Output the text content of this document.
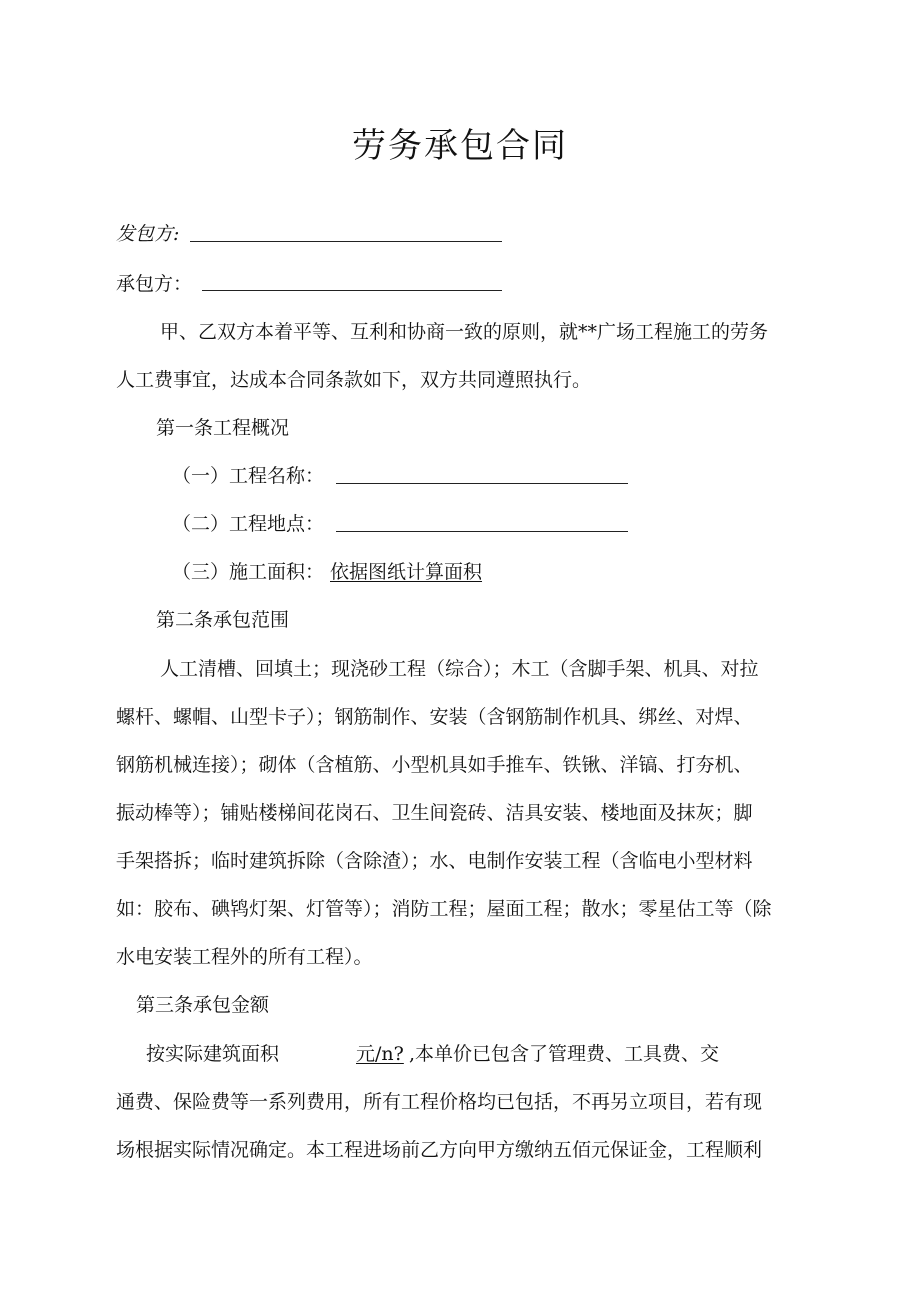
劳务承包合同
发包方:
承包方：
甲、乙双方本着平等、互利和协商一致的原则，就**广场工程施工的劳务
人工费事宜，达成本合同条款如下，双方共同遵照执行。
第一条工程概况
（一）工程名称：
（二）工程地点：
（三）施工面积： 依据图纸计算面积
第二条承包范围
人工清槽、回填土；现浇砂工程（综合）；木工（含脚手架、机具、对拉
螺杆、螺帽、山型卡子）；钢筋制作、安装（含钢筋制作机具、绑丝、对焊、
钢筋机械连接）；砌体（含植筋、小型机具如手推车、铁锹、洋镐、打夯机、
振动棒等）；铺贴楼梯间花岗石、卫生间瓷砖、洁具安装、楼地面及抹灰；脚
手架搭拆；临时建筑拆除（含除渣）；水、电制作安装工程（含临电小型材料
如：胶布、碘鸨灯架、灯管等）；消防工程；屋面工程；散水；零星估工等（除
水电安装工程外的所有工程）。
第三条承包金额
按实际建筑面积	元/n? ,本单价已包含了管理费、工具费、交
通费、保险费等一系列费用，所有工程价格均已包括，不再另立项目，若有现
场根据实际情况确定。本工程进场前乙方向甲方缴纳五佰元保证金，工程顺利
